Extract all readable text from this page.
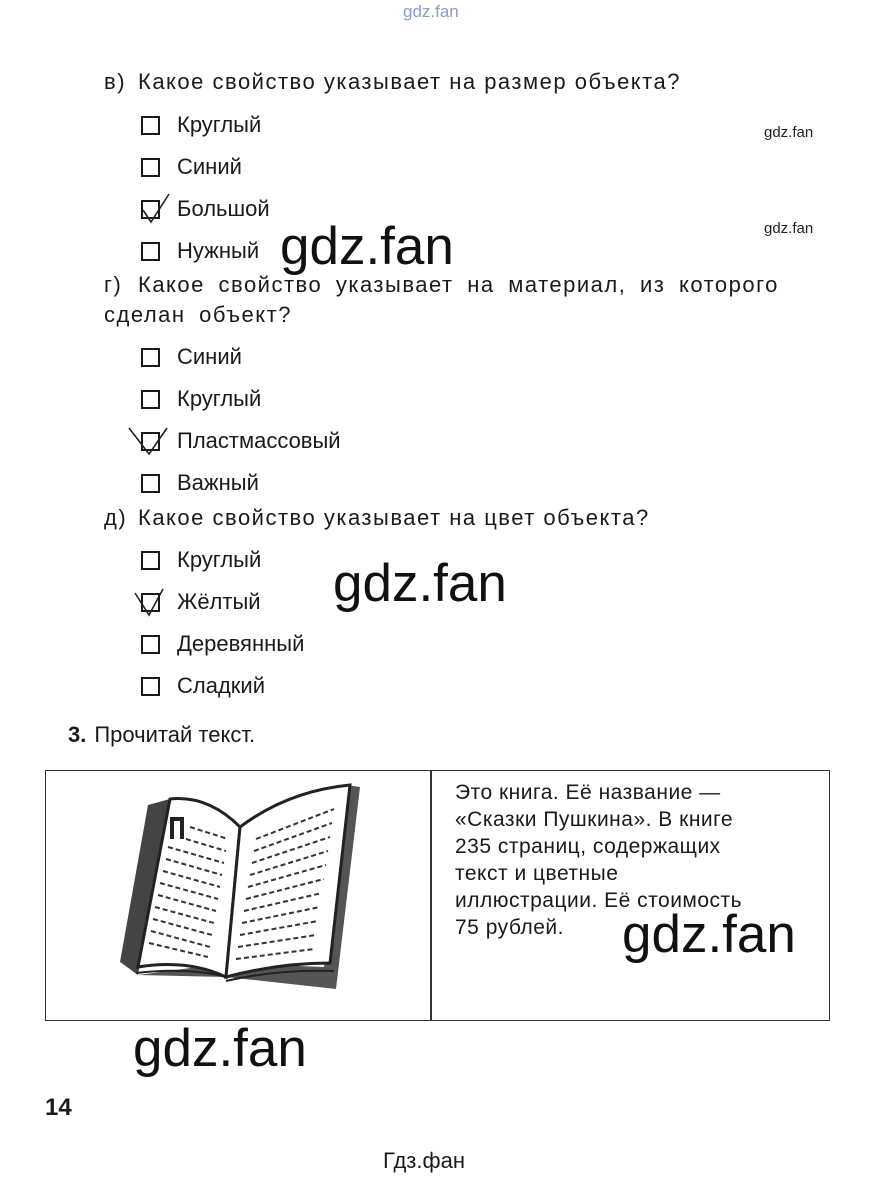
gdz.fan
в) Какое свойство указывает на размер объекта?
Круглый
Синий
Большой
Нужный
г) Какое свойство указывает на материал, из которого сделан объект?
Синий
Круглый
Пластмассовый
Важный
д) Какое свойство указывает на цвет объекта?
Круглый
Жёлтый
Деревянный
Сладкий
gdz.fan
gdz.fan
gdz.fan
gdz.fan
3. Прочитай текст.
Это книга. Её название —
«Сказки Пушкина». В книге
235 страниц, содержащих
текст и цветные
иллюстрации. Её стоимость
75 рублей.	gdz.fan
gdz.fan
14
Гдз.фан
